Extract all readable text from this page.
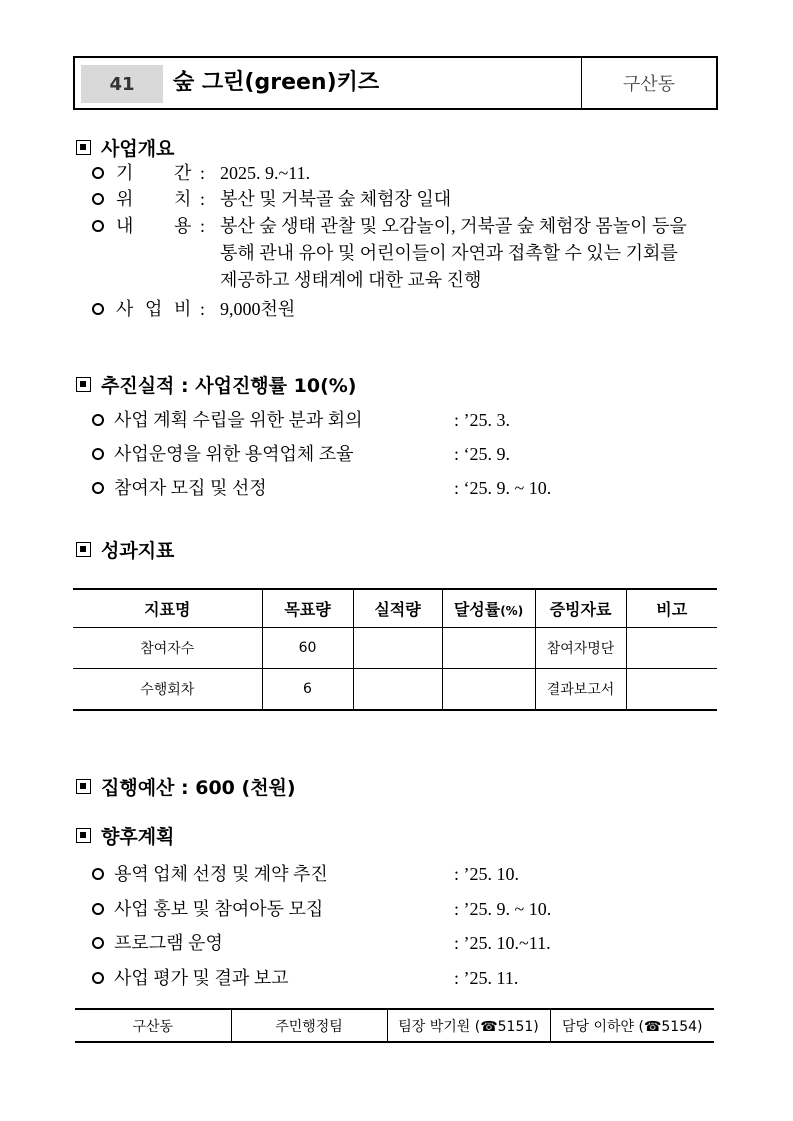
41	숲 그린(green)키즈	구산동
사업개요
기 간 : 2025. 9.~11.
위 치 : 봉산 및 거북골 숲 체험장 일대
내 용 : 봉산 숲 생태 관찰 및 오감놀이, 거북골 숲 체험장 몸놀이 등을
통해 관내 유아 및 어린이들이 자연과 접촉할 수 있는 기회를
제공하고 생태계에 대한 교육 진행
사 업 비 : 9,000천원
추진실적 : 사업진행률 10(%)
사업 계획 수립을 위한 분과 회의	: ’25. 3.
사업운영을 위한 용역업체 조율	: ‘25. 9.
참여자 모집 및 선정	: ‘25. 9. ~ 10.
성과지표
지표명	목표량	실적량	달성률(%)	증빙자료	비고
참여자수	60			참여자명단	
수행회차	6			결과보고서	
집행예산 : 600 (천원)
향후계획
용역 업체 선정 및 계약 추진	: ’25. 10.
사업 홍보 및 참여아동 모집	: ’25. 9. ~ 10.
프로그램 운영	: ’25. 10.~11.
사업 평가 및 결과 보고	: ’25. 11.
구산동	주민행정팀	팀장 박기원 (☎5151)	담당 이하얀 (☎5154)
